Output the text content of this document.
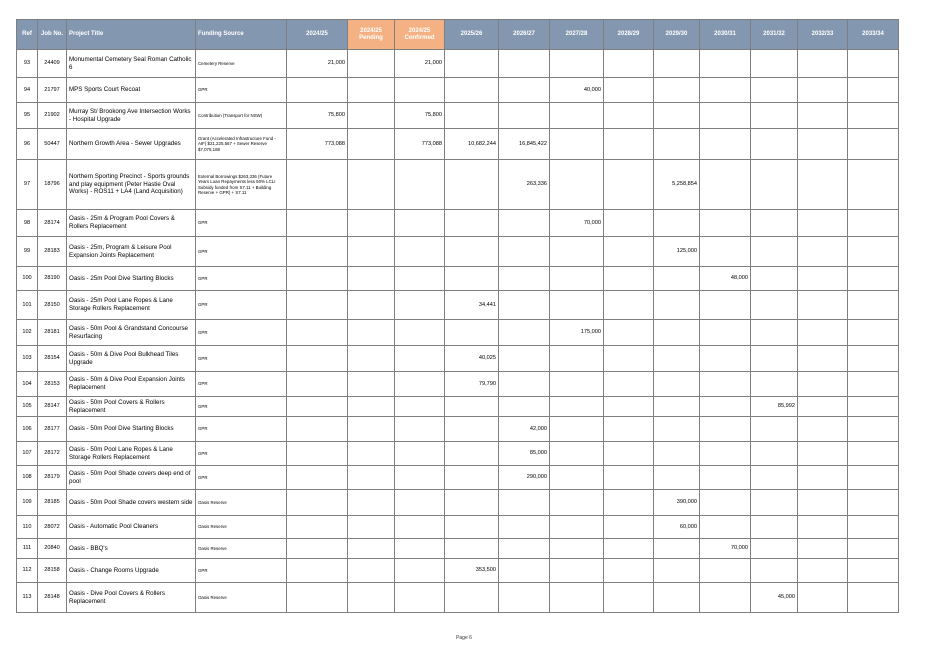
Ref	Job No.	Project Title	Funding Source	2024/25	2024/25 Pending	2024/25 Confirmed	2025/26	2026/27	2027/28	2028/29	2029/30	2030/31	2031/32	2032/33	2033/34
93	24409	Monumental Cemetery Seal Roman Catholic 6	Cemetery Reserve	21,000		21,000									
94	21797	MPS Sports Court Recoat	GPR						40,000						
95	21902	Murray St/ Brookong Ave Intersection Works - Hospital Upgrade	Contribution (Transport for NSW)	75,800		75,800									
96	50447	Northern Growth Area - Sewer Upgrades	Grant (Accelerated Infrastructure Fund - AIF) $21,225,567 + Sewer Reserve $7,075,188	773,088		773,088	10,682,244	16,845,422							
97	18796	Northern Sporting Precinct - Sports grounds and play equipment (Peter Hastie Oval Works) - ROS11 + LA4 (Land Acquisition)	External Borrowings $263,336 (Future Years Loan Repayments less 50% LCLI Subsidy funded from S7.11 + Building Reserve + GPR) + S7.11					263,336			5,258,854				
98	28174	Oasis - 25m & Program Pool Covers & Rollers Replacement	GPR						70,000						
99	28183	Oasis - 25m, Program & Leisure Pool Expansion Joints Replacement	GPR								125,000				
100	28190	Oasis - 25m Pool Dive Starting Blocks	GPR									48,000			
101	28150	Oasis - 25m Pool Lane Ropes & Lane Storage Rollers Replacement	GPR				34,441								
102	28181	Oasis - 50m Pool & Grandstand Concourse Resurfacing	GPR						175,000						
103	28154	Oasis - 50m & Dive Pool Bulkhead Tiles Upgrade	GPR				40,025								
104	28153	Oasis - 50m & Dive Pool Expansion Joints Replacement	GPR				79,790								
105	28147	Oasis - 50m Pool Covers & Rollers Replacement	GPR										85,992		
106	28177	Oasis - 50m Pool Dive Starting Blocks	GPR					42,000							
107	28172	Oasis - 50m Pool Lane Ropes & Lane Storage Rollers Replacement	GPR					85,000							
108	28179	Oasis - 50m Pool Shade covers deep end of pool	GPR					290,000							
109	28185	Oasis - 50m Pool Shade covers western side	Oasis Reserve								390,000				
110	28072	Oasis - Automatic Pool Cleaners	Oasis Reserve								60,000				
111	20840	Oasis - BBQ's	Oasis Reserve									70,000			
112	28158	Oasis - Change Rooms Upgrade	GPR				353,500								
113	28148	Oasis - Dive Pool Covers & Rollers Replacement	Oasis Reserve										45,000		
Page 6
